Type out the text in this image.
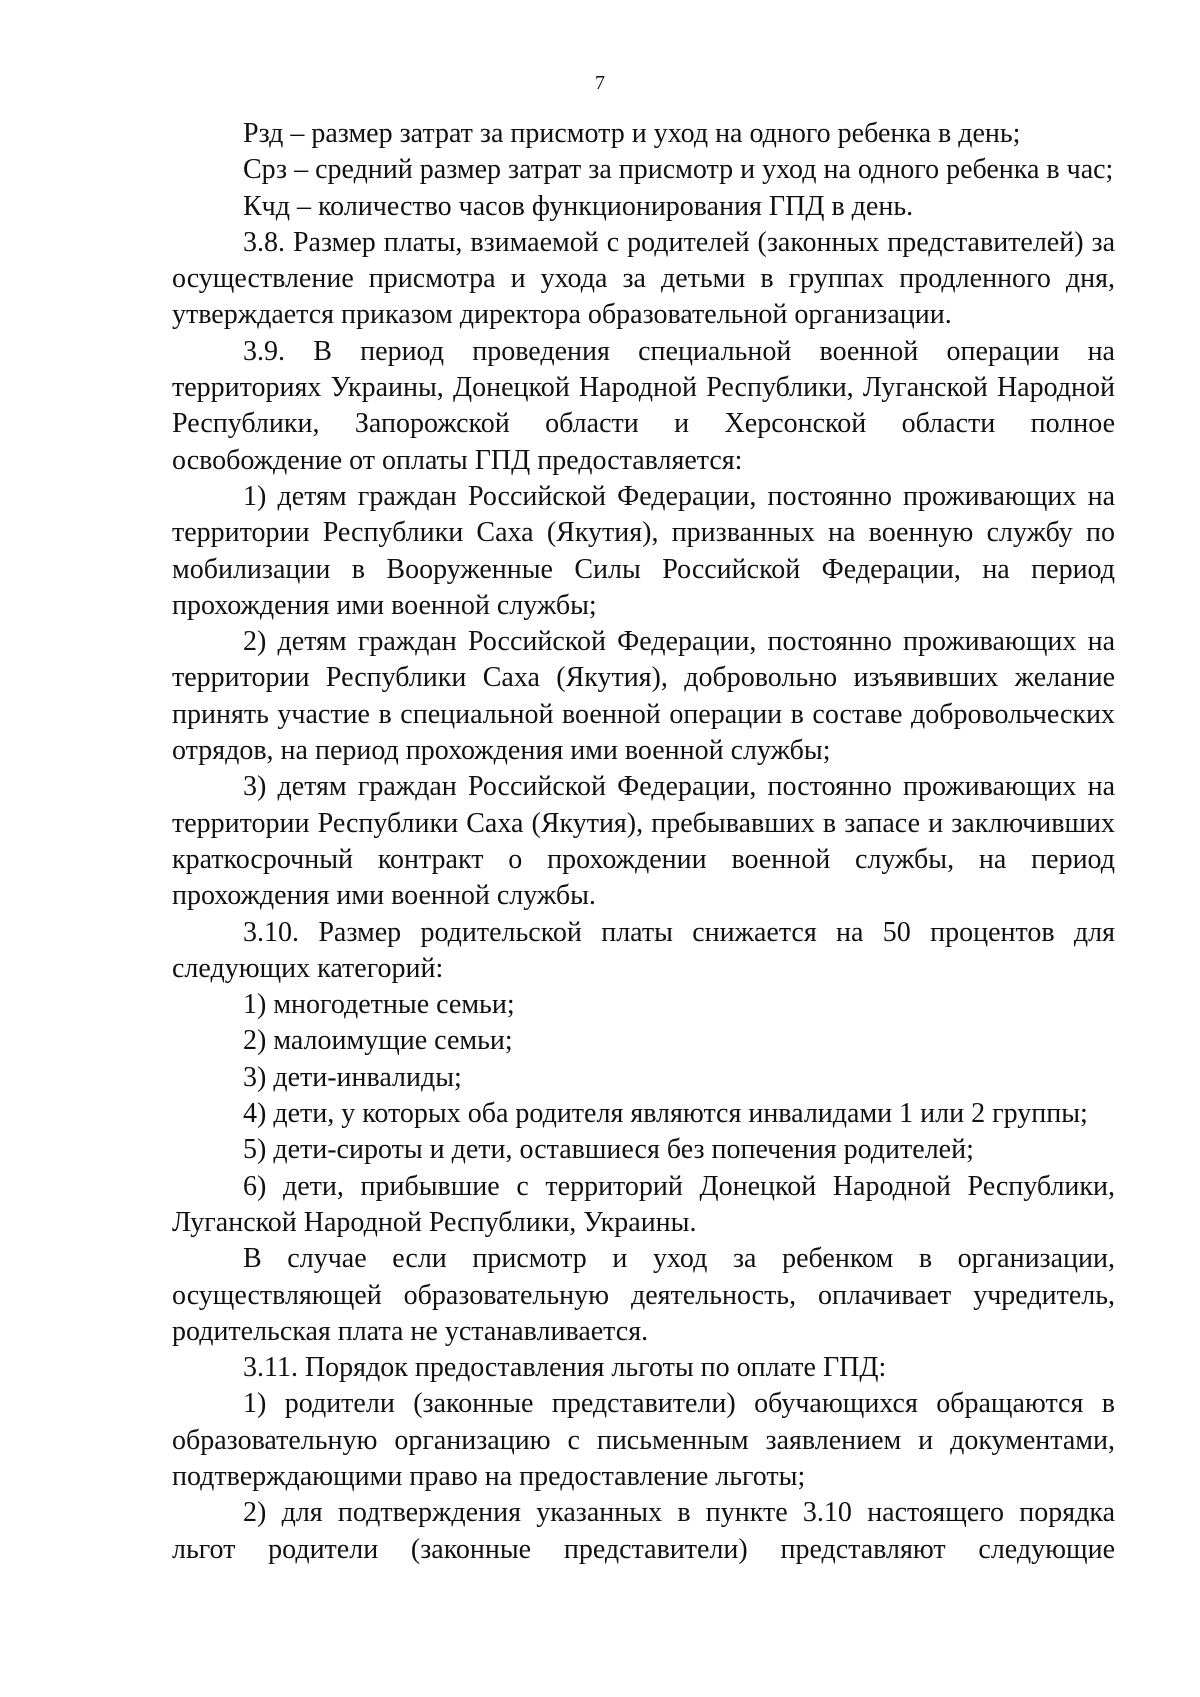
7

Рзд – размер затрат за присмотр и уход на одного ребенка в день;

Срз – средний размер затрат за присмотр и уход на одного ребенка в час;

Кчд – количество часов функционирования ГПД в день.

3.8. Размер платы, взимаемой с родителей (законных представителей) за осуществление присмотра и ухода за детьми в группах продленного дня, утверждается приказом директора образовательной организации.

3.9. В период проведения специальной военной операции на территориях Украины, Донецкой Народной Республики, Луганской Народной Республики, Запорожской области и Херсонской области полное освобождение от оплаты ГПД предоставляется:

1) детям граждан Российской Федерации, постоянно проживающих на территории Республики Саха (Якутия), призванных на военную службу по мобилизации в Вооруженные Силы Российской Федерации, на период прохождения ими военной службы;

2) детям граждан Российской Федерации, постоянно проживающих на территории Республики Саха (Якутия), добровольно изъявивших желание принять участие в специальной военной операции в составе добровольческих отрядов, на период прохождения ими военной службы;

3) детям граждан Российской Федерации, постоянно проживающих на территории Республики Саха (Якутия), пребывавших в запасе и заключивших краткосрочный контракт о прохождении военной службы, на период прохождения ими военной службы.

3.10. Размер родительской платы снижается на 50 процентов для следующих категорий:

1) многодетные семьи;

2) малоимущие семьи;

3) дети-инвалиды;

4) дети, у которых оба родителя являются инвалидами 1 или 2 группы;

5) дети-сироты и дети, оставшиеся без попечения родителей;

6) дети, прибывшие с территорий Донецкой Народной Республики, Луганской Народной Республики, Украины.

В случае если присмотр и уход за ребенком в организации, осуществляющей образовательную деятельность, оплачивает учредитель, родительская плата не устанавливается.

3.11. Порядок предоставления льготы по оплате ГПД:

1) родители (законные представители) обучающихся обращаются в образовательную организацию с письменным заявлением и документами, подтверждающими право на предоставление льготы;

2) для подтверждения указанных в пункте 3.10 настоящего порядка льгот родители (законные представители) представляют следующие
